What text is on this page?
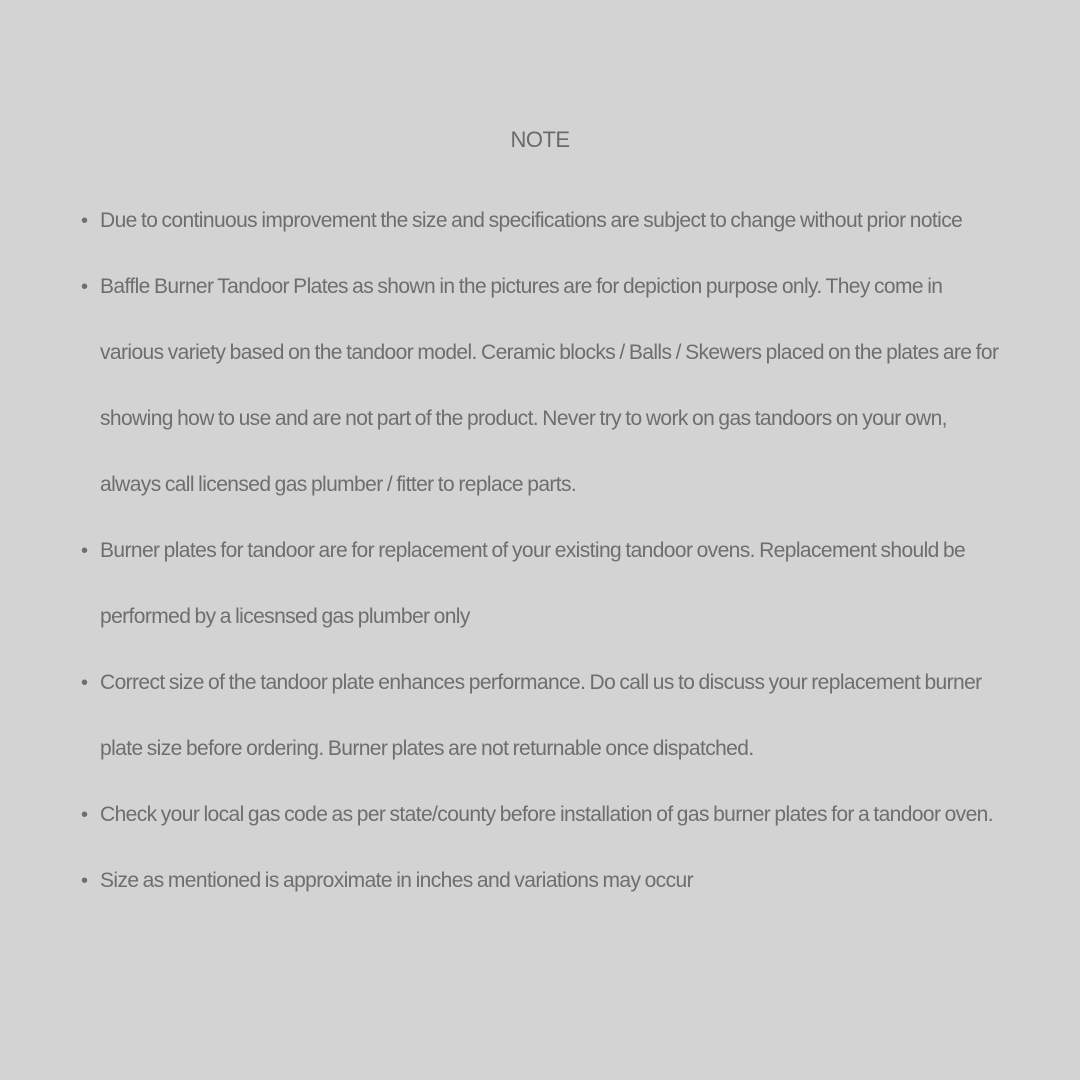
NOTE
• Due to continuous improvement the size and specifications are subject to change without prior notice
• Baffle Burner Tandoor Plates as shown in the pictures are for depiction purpose only. They come in various variety based on the tandoor model. Ceramic blocks / Balls / Skewers placed on the plates are for showing how to use and are not part of the product. Never try to work on gas tandoors on your own, always call licensed gas plumber / fitter to replace parts.
• Burner plates for tandoor are for replacement of your existing tandoor ovens. Replacement should be performed by a licesnsed gas plumber only
• Correct size of the tandoor plate enhances performance. Do call us to discuss your replacement burner plate size before ordering. Burner plates are not returnable once dispatched.
• Check your local gas code as per state/county before installation of gas burner plates for a tandoor oven.
• Size as mentioned is approximate in inches and variations may occur
